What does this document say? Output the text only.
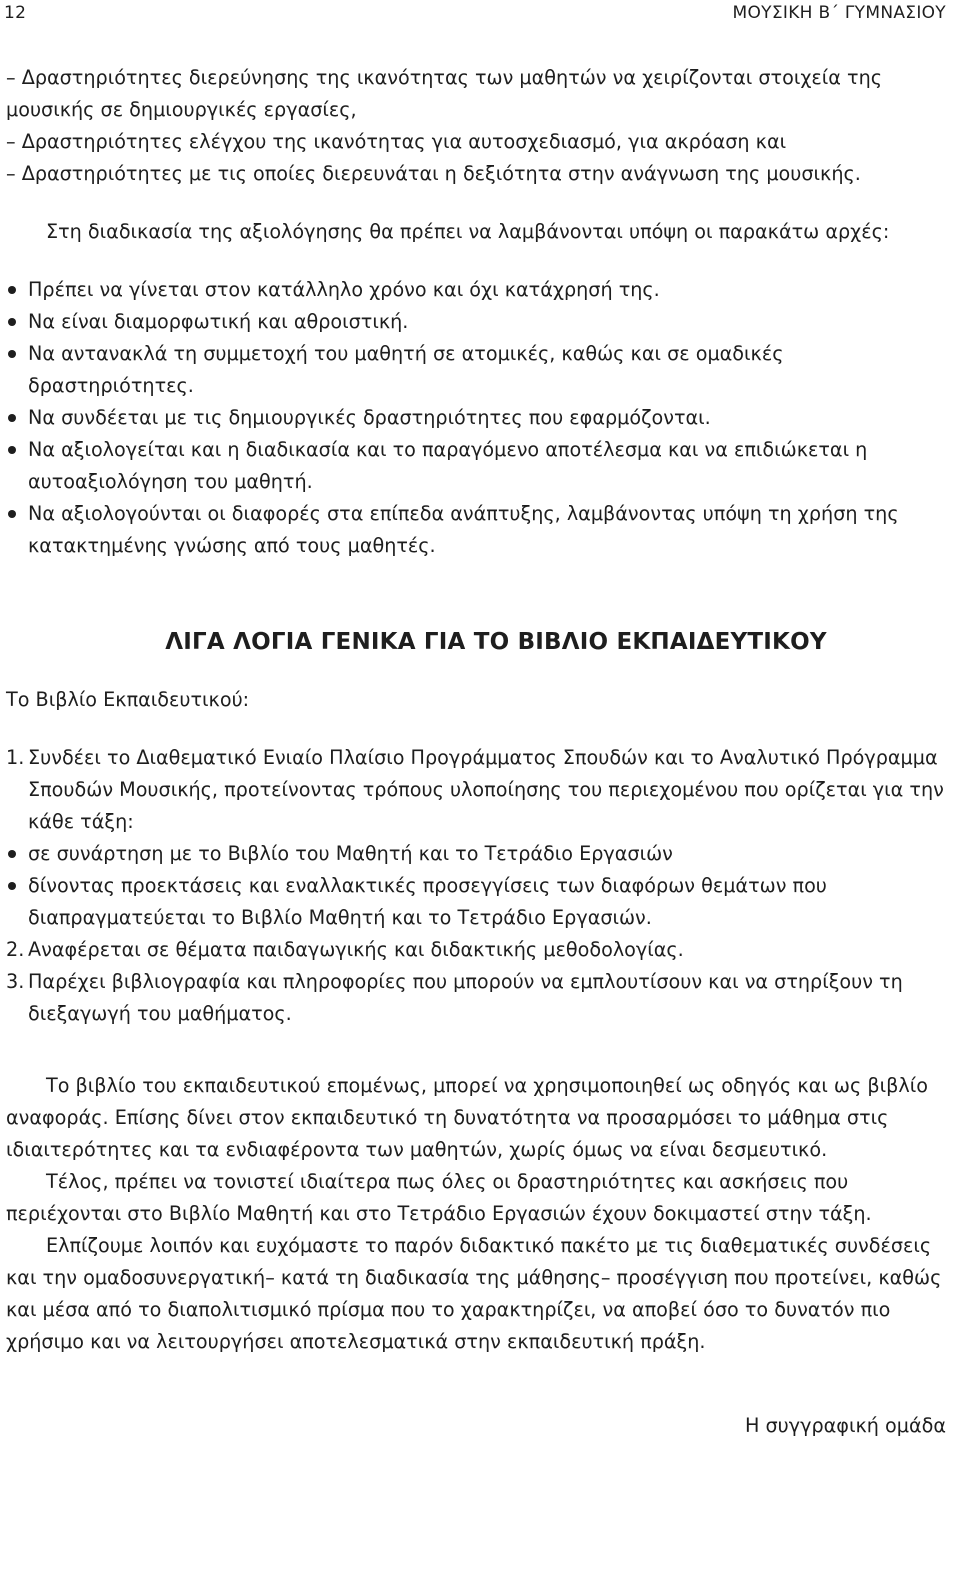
12	ΜΟΥΣΙΚΗ Β΄ ΓΥΜΝΑΣΙΟΥ

– Δραστηριότητες διερεύνησης της ικανότητας των μαθητών να χειρίζονται στοιχεία της μουσικής σε δημιουργικές εργασίες,

– Δραστηριότητες ελέγχου της ικανότητας για αυτοσχεδιασμό, για ακρόαση και

– Δραστηριότητες με τις οποίες διερευνάται η δεξιότητα στην ανάγνωση της μουσικής.

Στη διαδικασία της αξιολόγησης θα πρέπει να λαμβάνονται υπόψη οι παρακάτω αρχές:

Πρέπει να γίνεται στον κατάλληλο χρόνο και όχι κατάχρησή της.

Να είναι διαμορφωτική και αθροιστική.

Να αντανακλά τη συμμετοχή του μαθητή σε ατομικές, καθώς και σε ομαδικές δραστηριότητες.

Να συνδέεται με τις δημιουργικές δραστηριότητες που εφαρμόζονται.

Να αξιολογείται και η διαδικασία και το παραγόμενο αποτέλεσμα και να επιδιώκεται η αυτοαξιολόγηση του μαθητή.

Να αξιολογούνται οι διαφορές στα επίπεδα ανάπτυξης, λαμβάνοντας υπόψη τη χρήση της κατακτημένης γνώσης από τους μαθητές.

ΛΙΓΑ ΛΟΓΙΑ ΓΕΝΙΚΑ ΓΙΑ ΤΟ ΒΙΒΛΙΟ ΕΚΠΑΙΔΕΥΤΙΚΟΥ

Το Βιβλίο Εκπαιδευτικού:

1. Συνδέει το Διαθεματικό Ενιαίο Πλαίσιο Προγράμματος Σπουδών και το Αναλυτικό Πρόγραμμα Σπουδών Μουσικής, προτείνοντας τρόπους υλοποίησης του περιεχομένου που ορίζεται για την κάθε τάξη:

σε συνάρτηση με το Βιβλίο του Μαθητή και το Τετράδιο Εργασιών

δίνοντας προεκτάσεις και εναλλακτικές προσεγγίσεις των διαφόρων θεμάτων που διαπραγματεύεται το Βιβλίο Μαθητή και το Τετράδιο Εργασιών.

2. Αναφέρεται σε θέματα παιδαγωγικής και διδακτικής μεθοδολογίας.
3. Παρέχει βιβλιογραφία και πληροφορίες που μπορούν να εμπλουτίσουν και να στηρίξουν τη διεξαγωγή του μαθήματος.

Το βιβλίο του εκπαιδευτικού επομένως, μπορεί να χρησιμοποιηθεί ως οδηγός και ως βιβλίο αναφοράς. Επίσης δίνει στον εκπαιδευτικό τη δυνατότητα να προσαρμόσει το μάθημα στις ιδιαιτερότητες και τα ενδιαφέροντα των μαθητών, χωρίς όμως να είναι δεσμευτικό.

Τέλος, πρέπει να τονιστεί ιδιαίτερα πως όλες οι δραστηριότητες και ασκήσεις που περιέχονται στο Βιβλίο Μαθητή και στο Τετράδιο Εργασιών έχουν δοκιμαστεί στην τάξη.

Ελπίζουμε λοιπόν και ευχόμαστε το παρόν διδακτικό πακέτο με τις διαθεματικές συνδέσεις και την ομαδοσυνεργατική– κατά τη διαδικασία της μάθησης– προσέγγιση που προτείνει, καθώς και μέσα από το διαπολιτισμικό πρίσμα που το χαρακτηρίζει, να αποβεί όσο το δυνατόν πιο χρήσιμο και να λειτουργήσει αποτελεσματικά στην εκπαιδευτική πράξη.

Η συγγραφική ομάδα
